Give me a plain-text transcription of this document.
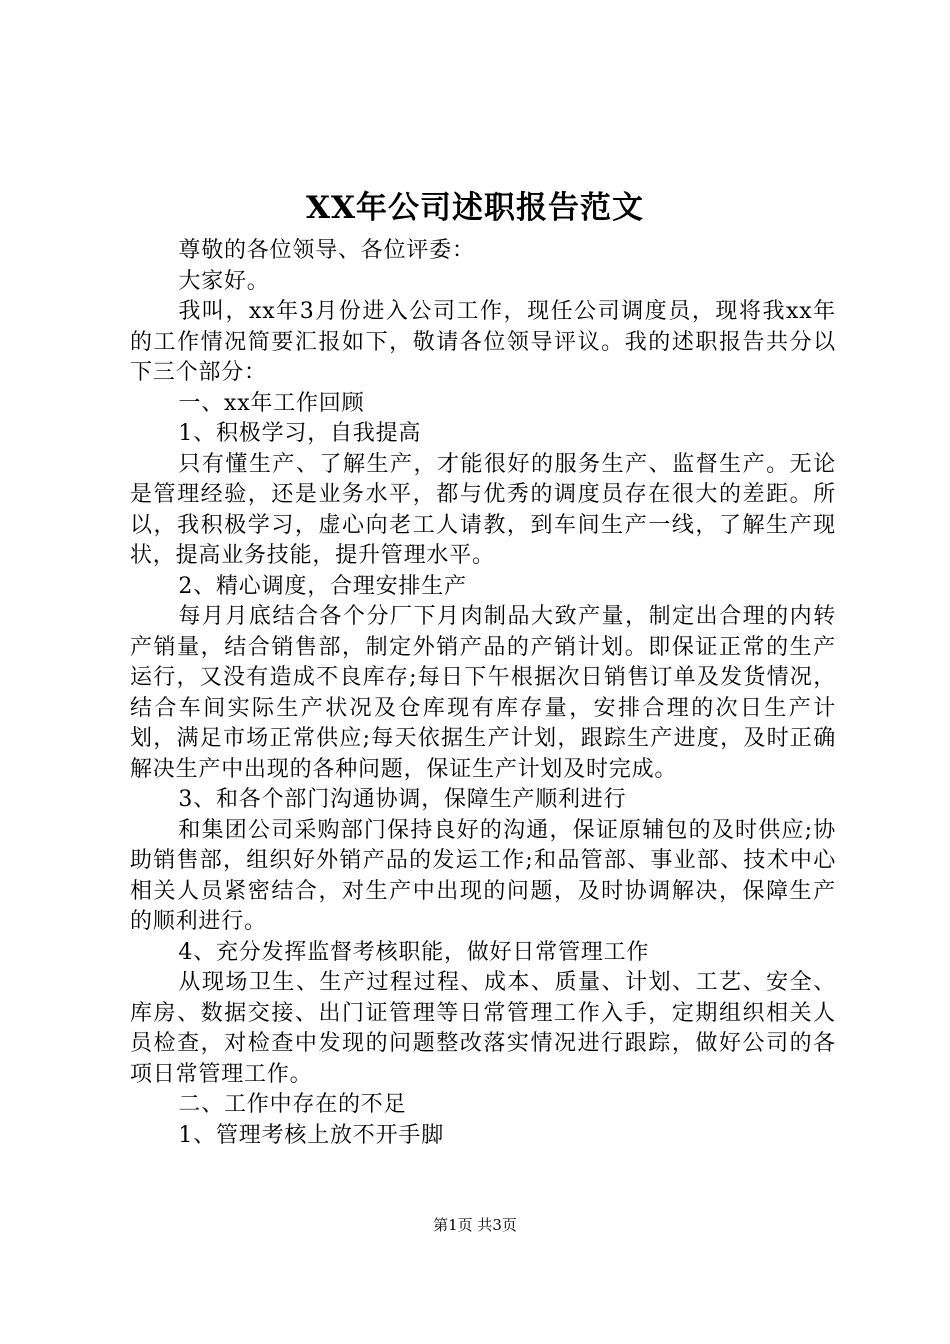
XX年公司述职报告范文

尊敬的各位领导、各位评委：

大家好。

我叫，xx年3月份进入公司工作，现任公司调度员，现将我xx年的工作情况简要汇报如下，敬请各位领导评议。我的述职报告共分以下三个部分：

一、xx年工作回顾

1、积极学习，自我提高

只有懂生产、了解生产，才能很好的服务生产、监督生产。无论是管理经验，还是业务水平，都与优秀的调度员存在很大的差距。所以，我积极学习，虚心向老工人请教，到车间生产一线，了解生产现状，提高业务技能，提升管理水平。

2、精心调度，合理安排生产

每月月底结合各个分厂下月肉制品大致产量，制定出合理的内转产销量，结合销售部，制定外销产品的产销计划。即保证正常的生产运行，又没有造成不良库存;每日下午根据次日销售订单及发货情况，结合车间实际生产状况及仓库现有库存量，安排合理的次日生产计划，满足市场正常供应;每天依据生产计划，跟踪生产进度，及时正确解决生产中出现的各种问题，保证生产计划及时完成。

3、和各个部门沟通协调，保障生产顺利进行

和集团公司采购部门保持良好的沟通，保证原辅包的及时供应;协助销售部，组织好外销产品的发运工作;和品管部、事业部、技术中心相关人员紧密结合，对生产中出现的问题，及时协调解决，保障生产的顺利进行。

4、充分发挥监督考核职能，做好日常管理工作

从现场卫生、生产过程过程、成本、质量、计划、工艺、安全、库房、数据交接、出门证管理等日常管理工作入手，定期组织相关人员检查，对检查中发现的问题整改落实情况进行跟踪，做好公司的各项日常管理工作。

二、工作中存在的不足

1、管理考核上放不开手脚

第1页 共3页
